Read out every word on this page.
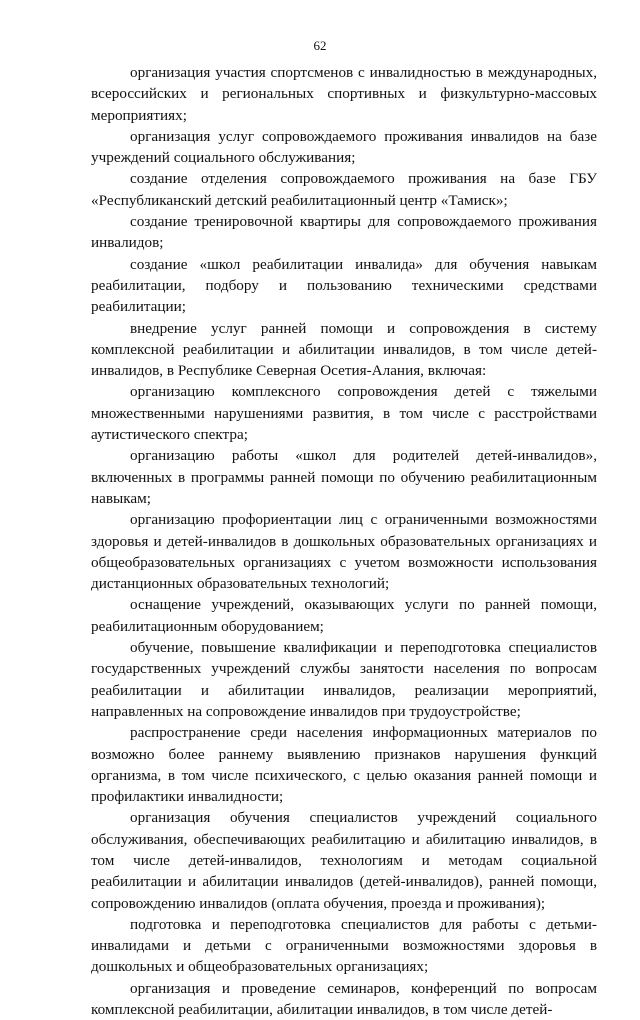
62

организация участия спортсменов с инвалидностью в международных, всероссийских и региональных спортивных и физкультурно-массовых мероприятиях;

организация услуг сопровождаемого проживания инвалидов на базе учреждений социального обслуживания;

создание отделения сопровождаемого проживания на базе ГБУ «Республиканский детский реабилитационный центр «Тамиск»;

создание тренировочной квартиры для сопровождаемого проживания инвалидов;

создание «школ реабилитации инвалида» для обучения навыкам реабилитации, подбору и пользованию техническими средствами реабилитации;

внедрение услуг ранней помощи и сопровождения в систему комплексной реабилитации и абилитации инвалидов, в том числе детей-инвалидов, в Республике Северная Осетия-Алания, включая:

организацию комплексного сопровождения детей с тяжелыми множественными нарушениями развития, в том числе с расстройствами аутистического спектра;

организацию работы «школ для родителей детей-инвалидов», включенных в программы ранней помощи по обучению реабилитационным навыкам;

организацию профориентации лиц с ограниченными возможностями здоровья и детей-инвалидов в дошкольных образовательных организациях и общеобразовательных организациях с учетом возможности использования дистанционных образовательных технологий;

оснащение учреждений, оказывающих услуги по ранней помощи, реабилитационным оборудованием;

обучение, повышение квалификации и переподготовка специалистов государственных учреждений службы занятости населения по вопросам реабилитации и абилитации инвалидов, реализации мероприятий, направленных на сопровождение инвалидов при трудоустройстве;

распространение среди населения информационных материалов по возможно более раннему выявлению признаков нарушения функций организма, в том числе психического, с целью оказания ранней помощи и профилактики инвалидности;

организация обучения специалистов учреждений социального обслуживания, обеспечивающих реабилитацию и абилитацию инвалидов, в том числе детей-инвалидов, технологиям и методам социальной реабилитации и абилитации инвалидов (детей-инвалидов), ранней помощи, сопровождению инвалидов (оплата обучения, проезда и проживания);

подготовка и переподготовка специалистов для работы с детьми-инвалидами и детьми с ограниченными возможностями здоровья в дошкольных и общеобразовательных организациях;

организация и проведение семинаров, конференций по вопросам комплексной реабилитации, абилитации инвалидов, в том числе детей-
